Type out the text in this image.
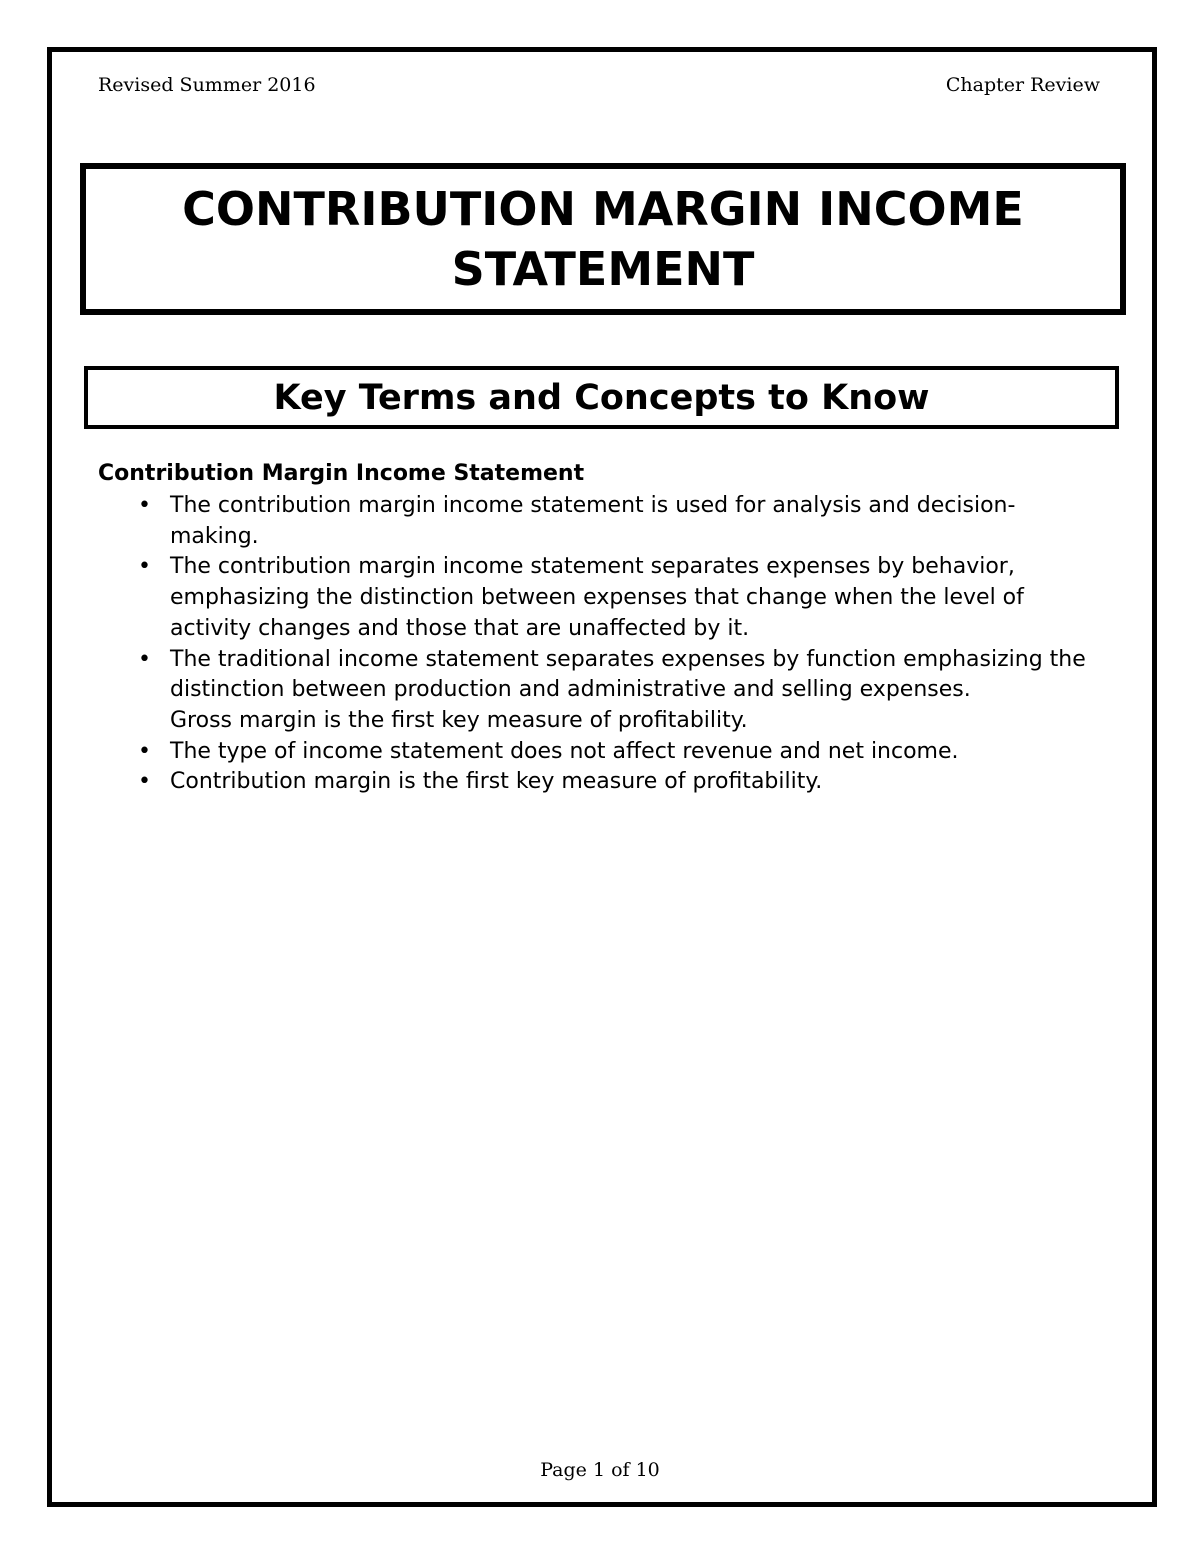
Revised Summer 2016	Chapter Review
CONTRIBUTION MARGIN INCOME
STATEMENT
Key Terms and Concepts to Know
Contribution Margin Income Statement
• The contribution margin income statement is used for analysis and decision-
making.
• The contribution margin income statement separates expenses by behavior,
emphasizing the distinction between expenses that change when the level of
activity changes and those that are unaffected by it.
• The traditional income statement separates expenses by function emphasizing the
distinction between production and administrative and selling expenses.
Gross margin is the first key measure of profitability.
• The type of income statement does not affect revenue and net income.
• Contribution margin is the first key measure of profitability.
Page 1 of 10
